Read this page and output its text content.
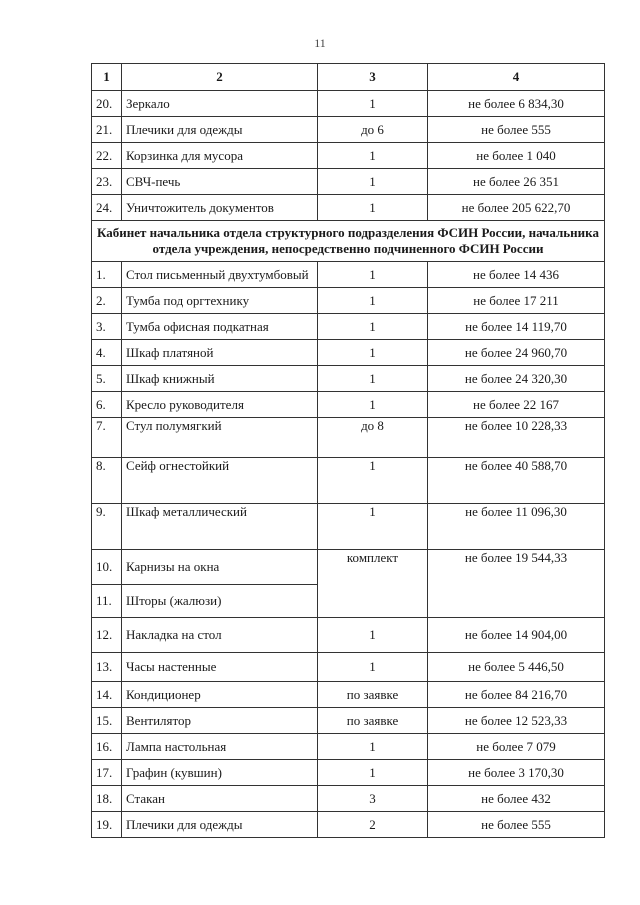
11
1	2	3	4
20.	Зеркало	1	не более 6 834,30
21.	Плечики для одежды	до 6	не более 555
22.	Корзинка для мусора	1	не более 1 040
23.	СВЧ-печь	1	не более 26 351
24.	Уничтожитель документов	1	не более 205 622,70
Кабинет начальника отдела структурного подразделения ФСИН России, начальника отдела учреждения, непосредственно подчиненного ФСИН России			
1.	Стол письменный двухтумбовый	1	не более 14 436
2.	Тумба под оргтехнику	1	не более 17 211
3.	Тумба офисная подкатная	1	не более 14 119,70
4.	Шкаф платяной	1	не более 24 960,70
5.	Шкаф книжный	1	не более 24 320,30
6.	Кресло руководителя	1	не более 22 167
7.	Стул полумягкий	до 8	не более 10 228,33
8.	Сейф огнестойкий	1	не более 40 588,70
9.	Шкаф металлический	1	не более 11 096,30
10.	Карнизы на окна	комплект	не более 19 544,33
11.	Шторы (жалюзи)		
12.	Накладка на стол	1	не более 14 904,00
13.	Часы настенные	1	не более 5 446,50
14.	Кондиционер	по заявке	не более 84 216,70
15.	Вентилятор	по заявке	не более 12 523,33
16.	Лампа настольная	1	не более 7 079
17.	Графин (кувшин)	1	не более 3 170,30
18.	Стакан	3	не более 432
19.	Плечики для одежды	2	не более 555
